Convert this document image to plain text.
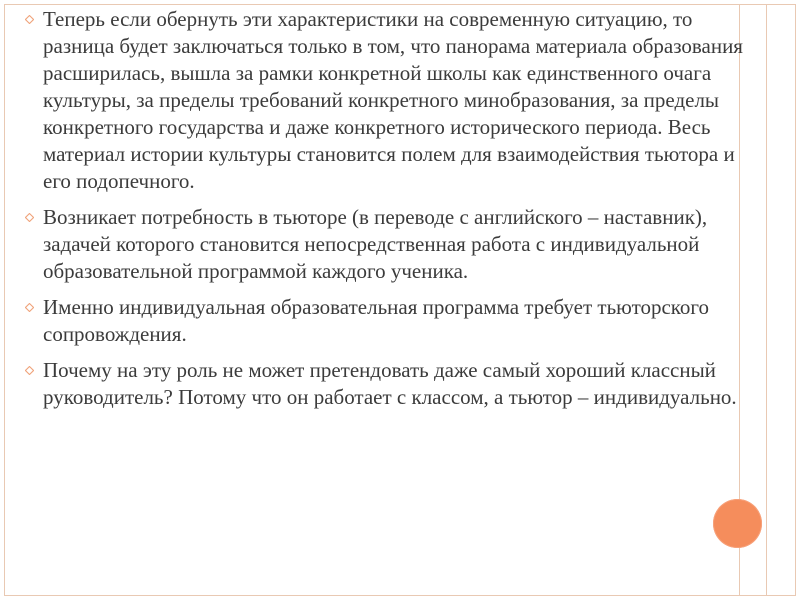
Теперь если обернуть эти характеристики на современную ситуацию, то разница будет заключаться только в том, что панорама материала образования расширилась, вышла за рамки конкретной школы как единственного очага культуры, за пределы требований конкретного минобразования, за пределы конкретного государства и даже конкретного исторического периода. Весь материал истории культуры становится полем для взаимодействия тьютора и его подопечного.
Возникает потребность в тьюторе (в переводе с английского – наставник), задачей которого становится непосредственная работа с индивидуальной образовательной программой каждого ученика.
Именно индивидуальная образовательная программа требует тьюторского сопровождения.
Почему на эту роль не может претендовать даже самый хороший классный руководитель? Потому что он работает с классом, а тьютор – индивидуально.
